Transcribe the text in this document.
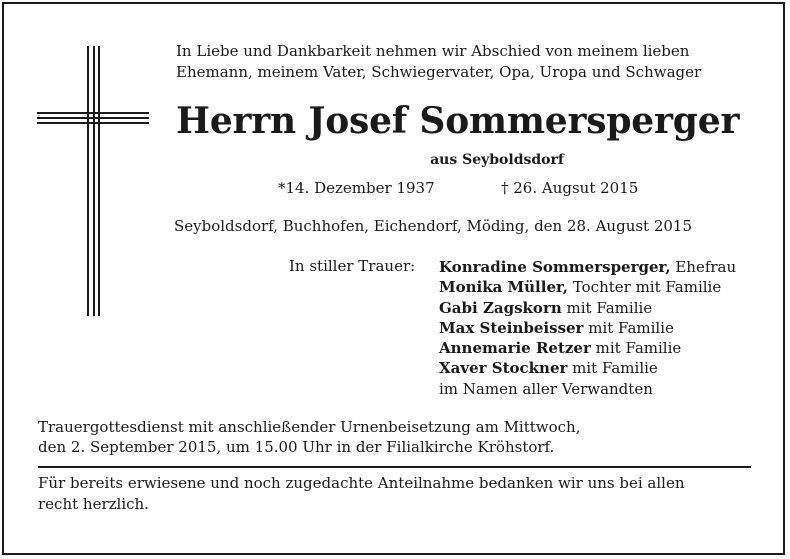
In Liebe und Dankbarkeit nehmen wir Abschied von meinem lieben
Ehemann, meinem Vater, Schwiegervater, Opa, Uropa und Schwager
Herrn Josef Sommersperger
aus Seyboldsdorf
*14. Dezember 1937	† 26. Augsut 2015
Seyboldsdorf, Buchhofen, Eichendorf, Möding, den 28. August 2015
In stiller Trauer: Konradine Sommersperger, Ehefrau
Monika Müller, Tochter mit Familie
Gabi Zagskorn mit Familie
Max Steinbeisser mit Familie
Annemarie Retzer mit Familie
Xaver Stockner mit Familie
im Namen aller Verwandten
Trauergottesdienst mit anschließender Urnenbeisetzung am Mittwoch,
den 2. September 2015, um 15.00 Uhr in der Filialkirche Kröhstorf.
Für bereits erwiesene und noch zugedachte Anteilnahme bedanken wir uns bei allen
recht herzlich.
